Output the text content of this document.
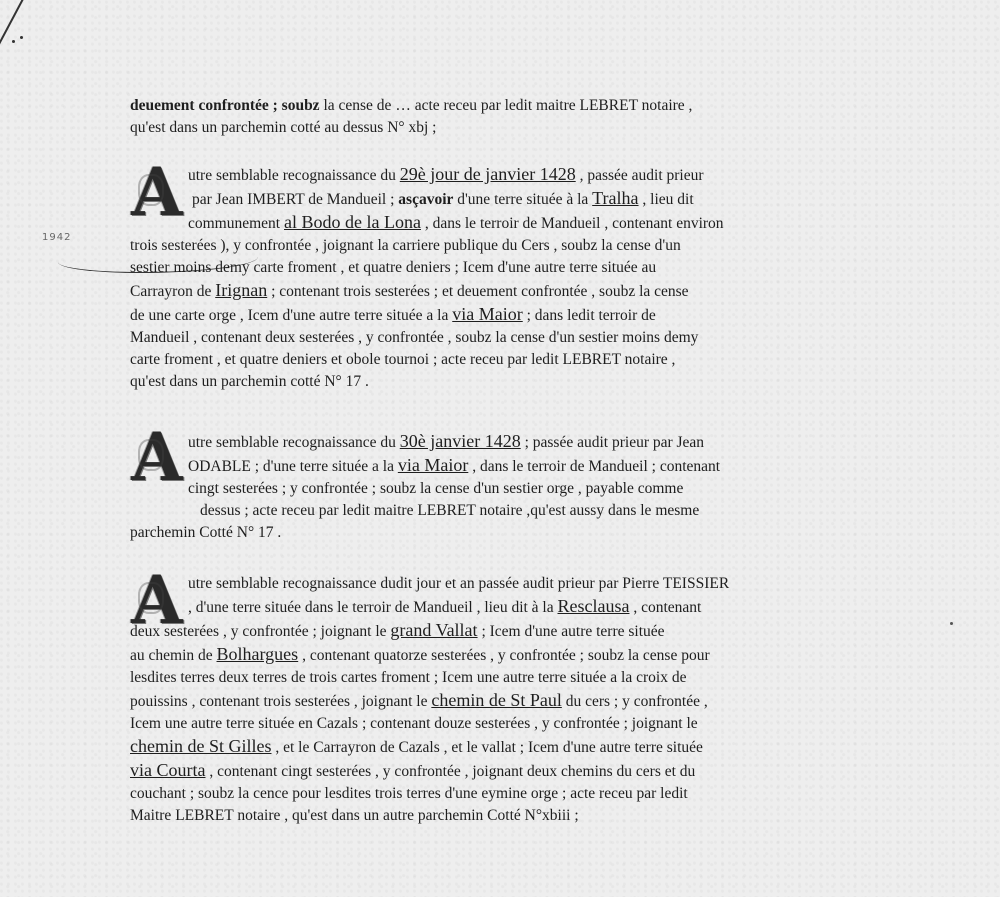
1942
deuement confrontée ; soubz la cense de … acte receu par ledit maitre LEBRET notaire ,
qu'est dans un parchemin cotté au dessus N° xbj ;
A utre semblable recognaissance du 29è jour de janvier 1428 , passée audit prieur
par Jean IMBERT de Mandueil ; asçavoir d'une terre située à la Tralha , lieu dit
communement al Bodo de la Lona , dans le terroir de Mandueil , contenant environ
trois sesterées ), y confrontée , joignant la carriere publique du Cers , soubz la cense d'un
sestier moins demy carte froment , et quatre deniers ; Icem d'une autre terre située au
Carrayron de Irignan ; contenant trois sesterées ; et deuement confrontée , soubz la cense
de une carte orge , Icem d'une autre terre située a la via Maior ; dans ledit terroir de
Mandueil , contenant deux sesterées , y confrontée , soubz la cense d'un sestier moins demy
carte froment , et quatre deniers et obole tournoi ; acte receu par ledit LEBRET notaire ,
qu'est dans un parchemin cotté N° 17 .
A utre semblable recognaissance du 30è janvier 1428 ; passée audit prieur par Jean
ODABLE ; d'une terre située a la via Maior , dans le terroir de Mandueil ; contenant
cingt sesterées ; y confrontée ; soubz la cense d'un sestier orge , payable comme
dessus ; acte receu par ledit maitre LEBRET notaire ,qu'est aussy dans le mesme
parchemin Cotté N° 17 .
A utre semblable recognaissance dudit jour et an passée audit prieur par Pierre TEISSIER
, d'une terre située dans le terroir de Mandueil , lieu dit à la Resclausa , contenant
deux sesterées , y confrontée ; joignant le grand Vallat ; Icem d'une autre terre située
au chemin de Bolhargues , contenant quatorze sesterées , y confrontée ; soubz la cense pour
lesdites terres deux terres de trois cartes froment ; Icem une autre terre située a la croix de
pouissins , contenant trois sesterées , joignant le chemin de St Paul du cers ; y confrontée ,
Icem une autre terre située en Cazals ; contenant douze sesterées , y confrontée ; joignant le
chemin de St Gilles , et le Carrayron de Cazals , et le vallat ; Icem d'une autre terre située
via Courta , contenant cingt sesterées , y confrontée , joignant deux chemins du cers et du
couchant ; soubz la cence pour lesdites trois terres d'une eymine orge ; acte receu par ledit
Maitre LEBRET notaire , qu'est dans un autre parchemin Cotté N°xbiii ;
